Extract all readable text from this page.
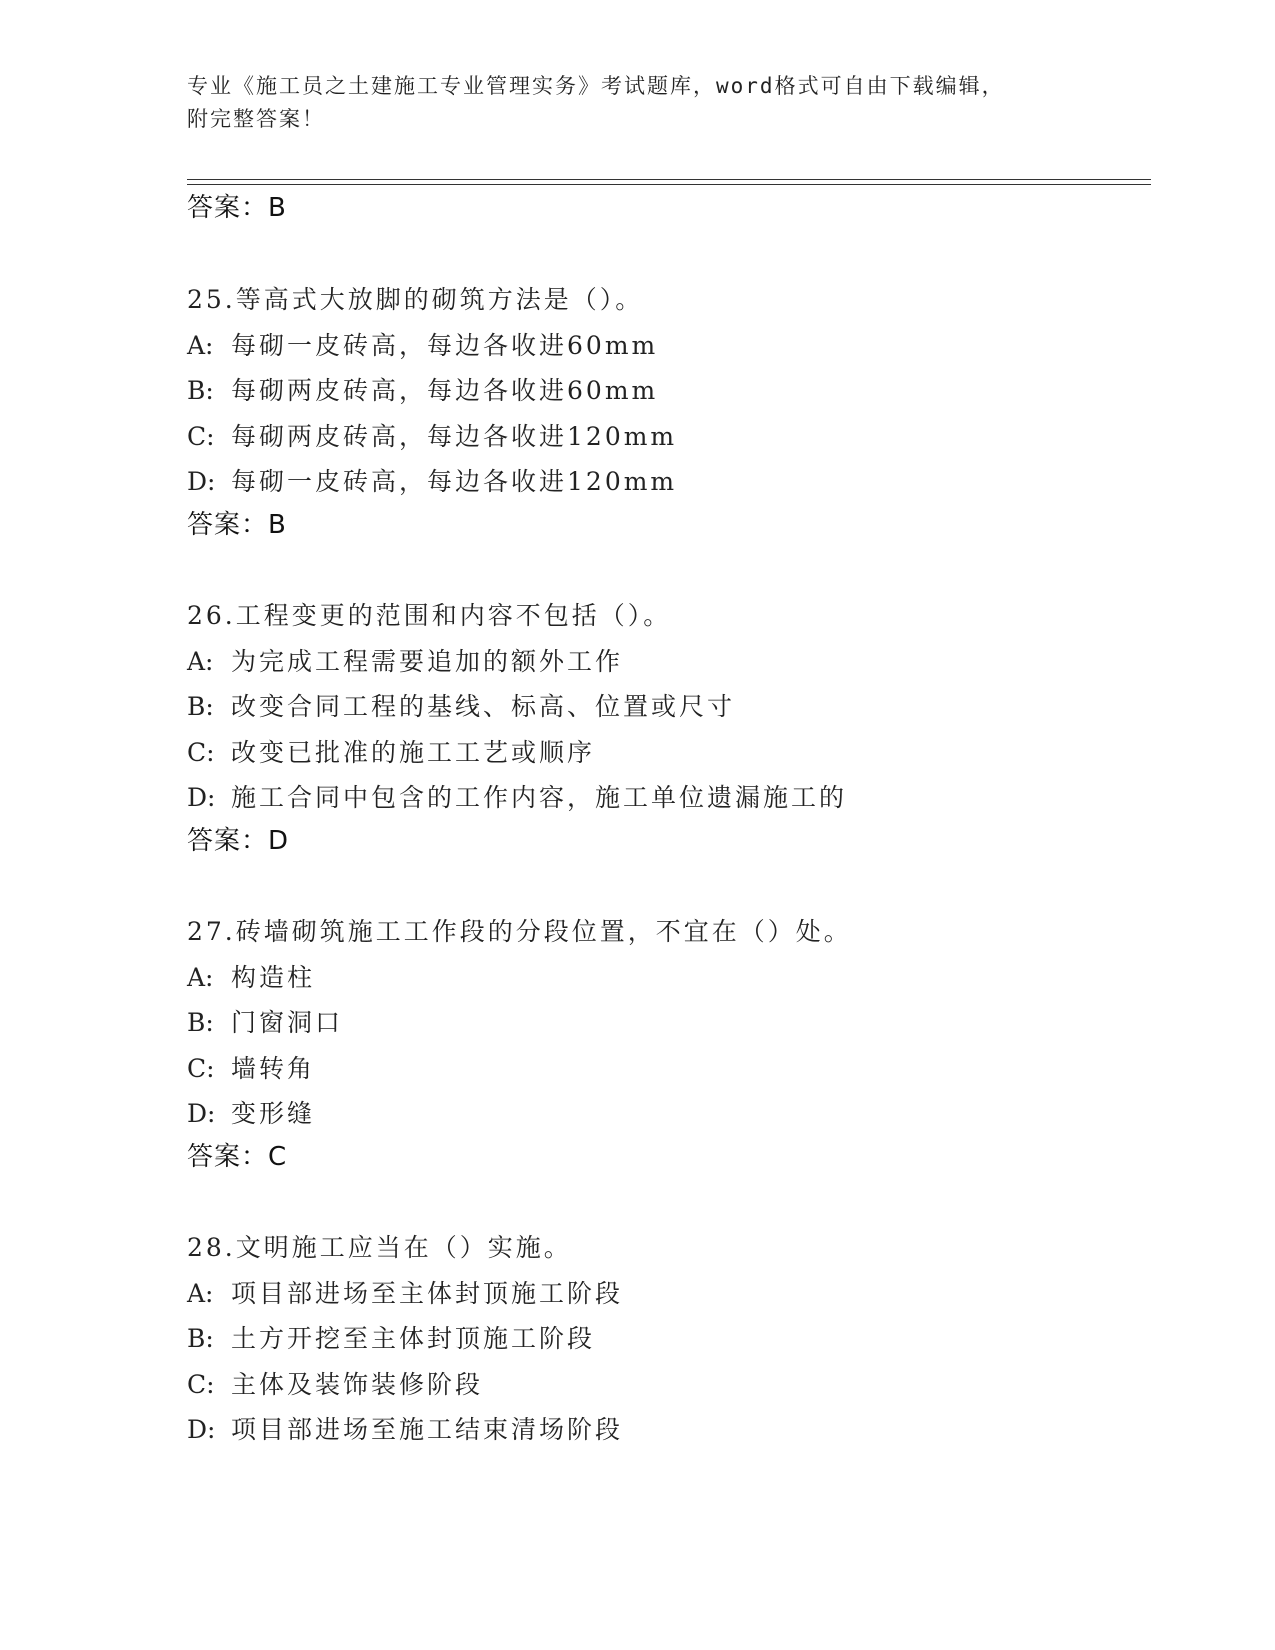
专业《施工员之土建施工专业管理实务》考试题库，word格式可自由下载编辑，
附完整答案！
答案：B
25.等高式大放脚的砌筑方法是（）。
A: 每砌一皮砖高，每边各收进60mm
B: 每砌两皮砖高，每边各收进60mm
C: 每砌两皮砖高，每边各收进120mm
D: 每砌一皮砖高，每边各收进120mm
答案：B
26.工程变更的范围和内容不包括（）。
A: 为完成工程需要追加的额外工作
B: 改变合同工程的基线、标高、位置或尺寸
C: 改变已批准的施工工艺或顺序
D: 施工合同中包含的工作内容，施工单位遗漏施工的
答案：D
27.砖墙砌筑施工工作段的分段位置，不宜在（）处。
A: 构造柱
B: 门窗洞口
C: 墙转角
D: 变形缝
答案：C
28.文明施工应当在（）实施。
A: 项目部进场至主体封顶施工阶段
B: 土方开挖至主体封顶施工阶段
C: 主体及装饰装修阶段
D: 项目部进场至施工结束清场阶段
